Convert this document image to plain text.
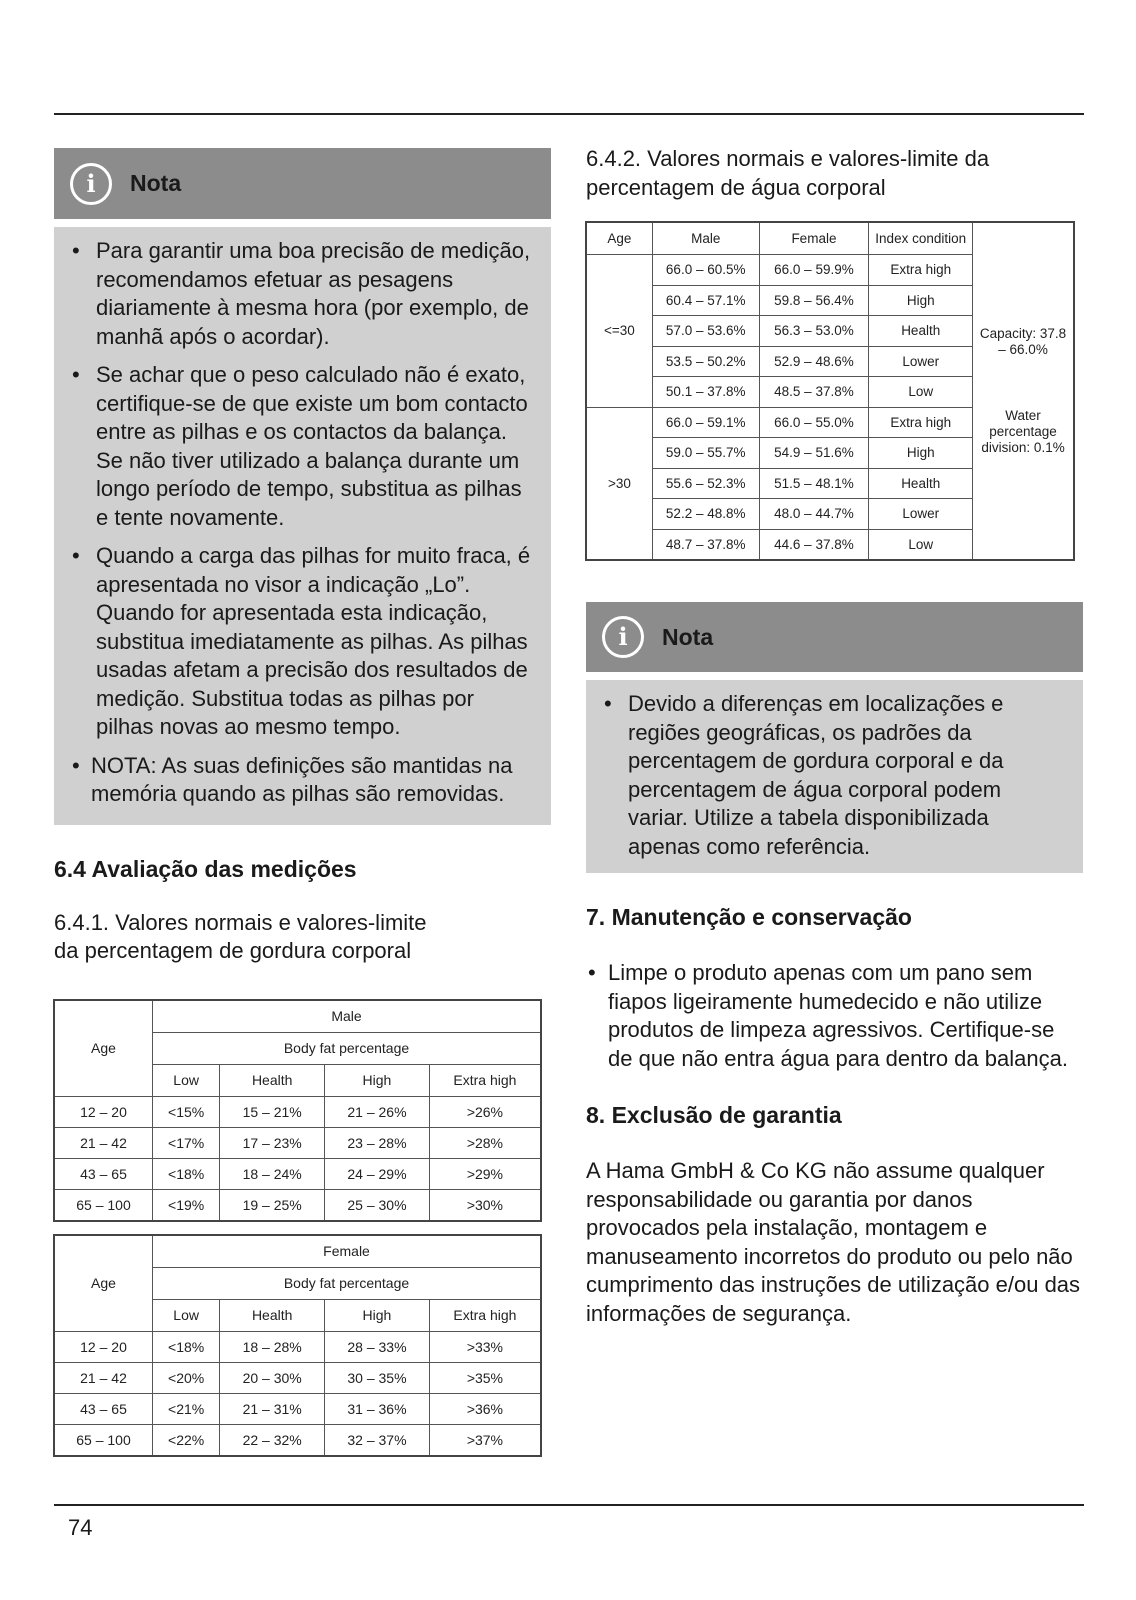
i Nota
• Para garantir uma boa precisão de medição, recomendamos efetuar as pesagens diariamente à mesma hora (por exemplo, de manhã após o acordar).
• Se achar que o peso calculado não é exato, certifique-se de que existe um bom contacto entre as pilhas e os contactos da balança. Se não tiver utilizado a balança durante um longo período de tempo, substitua as pilhas e tente novamente.
• Quando a carga das pilhas for muito fraca, é apresentada no visor a indicação „Lo”. Quando for apresentada esta indicação, substitua imediatamente as pilhas. As pilhas usadas afetam a precisão dos resultados de medição. Substitua todas as pilhas por pilhas novas ao mesmo tempo.
• NOTA: As suas definições são mantidas na memória quando as pilhas são removidas.
6.4 Avaliação das medições

6.4.1. Valores normais e valores-limite da percentagem de gordura corporal

Age	Male			
	Body fat percentage			
	Low	Health	High	Extra high
12 – 20	<15%	15 – 21%	21 – 26%	>26%
21 – 42	<17%	17 – 23%	23 – 28%	>28%
43 – 65	<18%	18 – 24%	24 – 29%	>29%
65 – 100	<19%	19 – 25%	25 – 30%	>30%
Age	Female			
	Body fat percentage			
	Low	Health	High	Extra high
12 – 20	<18%	18 – 28%	28 – 33%	>33%
21 – 42	<20%	20 – 30%	30 – 35%	>35%
43 – 65	<21%	21 – 31%	31 – 36%	>36%
65 – 100	<22%	22 – 32%	32 – 37%	>37%

6.4.2. Valores normais e valores-limite da percentagem de água corporal

Age	Male	Female	Index condition	Capacity: 37.8 – 66.0%
Water percentage division: 0.1%

<=30	66.0 – 60.5%	66.0 – 59.9%	Extra high	
	60.4 – 57.1%	59.8 – 56.4%	High	
	57.0 – 53.6%	56.3 – 53.0%	Health	
	53.5 – 50.2%	52.9 – 48.6%	Lower	
	50.1 – 37.8%	48.5 – 37.8%	Low	
>30	66.0 – 59.1%	66.0 – 55.0%	Extra high	
	59.0 – 55.7%	54.9 – 51.6%	High	
	55.6 – 52.3%	51.5 – 48.1%	Health	
	52.2 – 48.8%	48.0 – 44.7%	Lower	
	48.7 – 37.8%	44.6 – 37.8%	Low	
i Nota
• Devido a diferenças em localizações e regiões geográficas, os padrões da percentagem de gordura corporal e da percentagem de água corporal podem variar. Utilize a tabela disponibilizada apenas como referência.
7. Manutenção e conservação
• Limpe o produto apenas com um pano sem fiapos ligeiramente humedecido e não utilize produtos de limpeza agressivos. Certifique-se de que não entra água para dentro da balança.
8. Exclusão de garantia

A Hama GmbH & Co KG não assume qualquer responsabilidade ou garantia por danos provocados pela instalação, montagem e manuseamento incorretos do produto ou pelo não cumprimento das instruções de utilização e/ou das informações de segurança.

74
